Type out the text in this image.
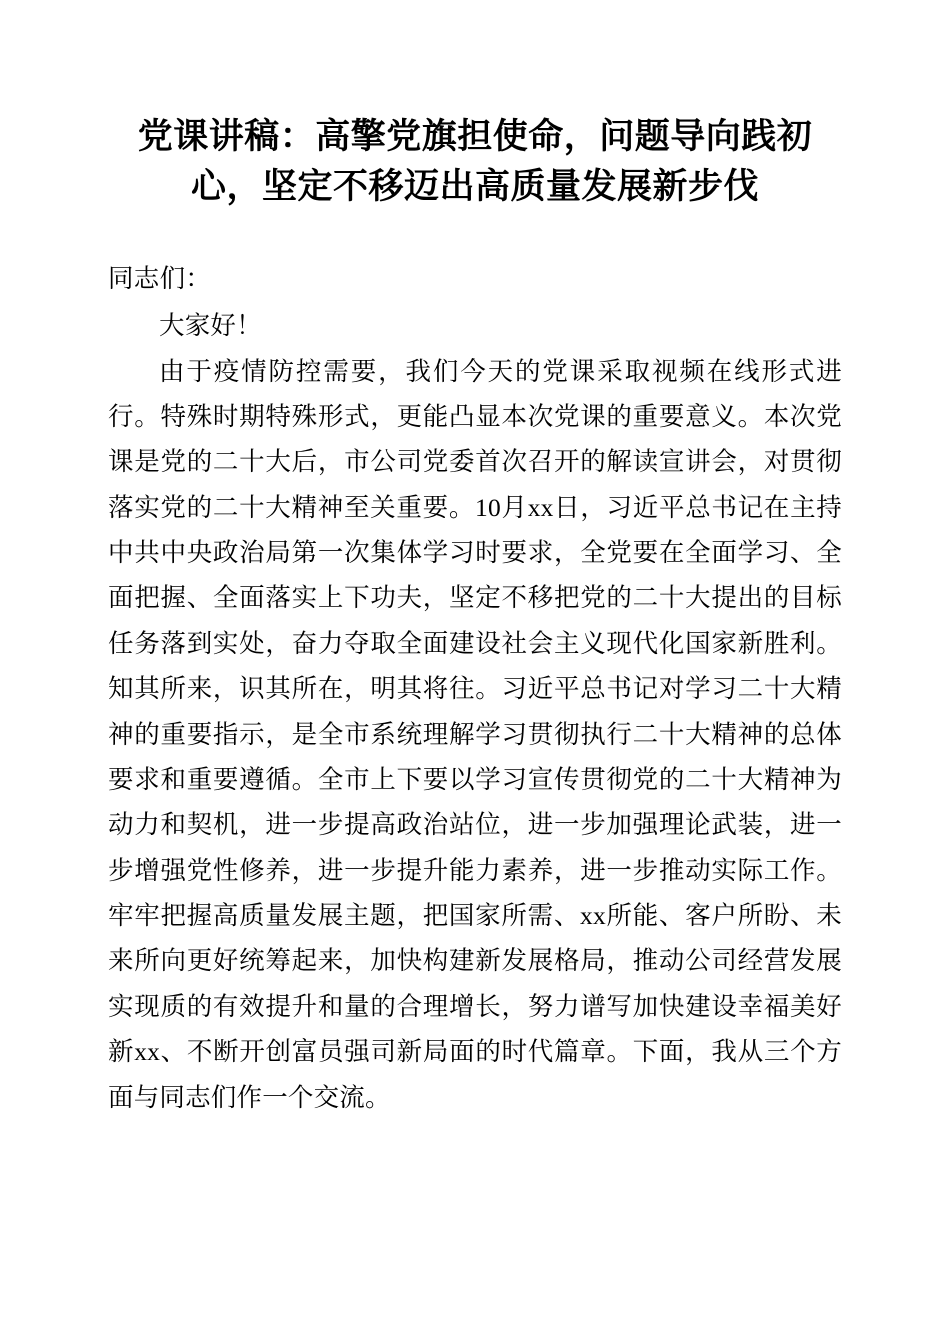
党课讲稿：高擎党旗担使命，问题导向践初心，坚定不移迈出高质量发展新步伐

同志们：

大家好！

由于疫情防控需要，我们今天的党课采取视频在线形式进行。特殊时期特殊形式，更能凸显本次党课的重要意义。本次党课是党的二十大后，市公司党委首次召开的解读宣讲会，对贯彻落实党的二十大精神至关重要。10月xx日，习近平总书记在主持中共中央政治局第一次集体学习时要求，全党要在全面学习、全面把握、全面落实上下功夫，坚定不移把党的二十大提出的目标任务落到实处，奋力夺取全面建设社会主义现代化国家新胜利。知其所来，识其所在，明其将往。习近平总书记对学习二十大精神的重要指示，是全市系统理解学习贯彻执行二十大精神的总体要求和重要遵循。全市上下要以学习宣传贯彻党的二十大精神为动力和契机，进一步提高政治站位，进一步加强理论武装，进一步增强党性修养，进一步提升能力素养，进一步推动实际工作。牢牢把握高质量发展主题，把国家所需、xx所能、客户所盼、未来所向更好统筹起来，加快构建新发展格局，推动公司经营发展实现质的有效提升和量的合理增长，努力谱写加快建设幸福美好新xx、不断开创富员强司新局面的时代篇章。下面，我从三个方面与同志们作一个交流。
